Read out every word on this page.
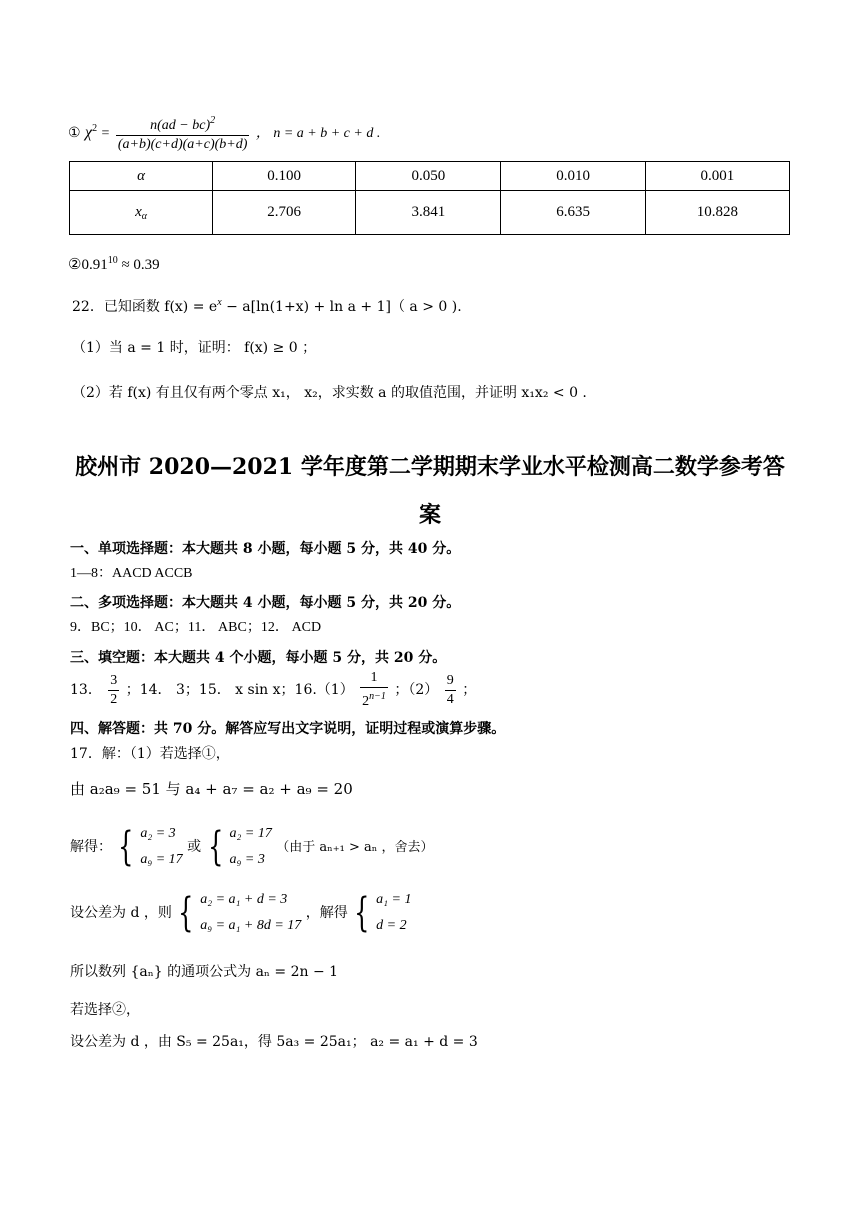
① $\chi^2 = \frac{n(ad - bc)^2}{(a+b)(c+d)(a+c)(b+d)}$ ， n = a + b + c + d .
α	0.100	0.050	0.010	0.001
$x_\alpha$	2.706	3.841	6.635	10.828
$②0.91^{10} \approx 0.39$
22．已知函数 $f(x) = e^x - a[\ln(1+x) + \ln a + 1]$（ a > 0 ).
（1）当 a = 1 时，证明： f(x) ≥ 0 ；
（2）若 f(x) 有且仅有两个零点 x₁， x₂，求实数 a 的取值范围，并证明 x₁x₂ < 0 .
胶州市 2020—2021 学年度第二学期期末学业水平检测高二数学参考答
案
一、单项选择题：本大题共 8 小题，每小题 5 分，共 40 分。
1—8：AACD ACCB
二、多项选择题：本大题共 4 小题，每小题 5 分，共 20 分。
9．BC；10． AC；11． ABC；12． ACD
三、填空题：本大题共 4 个小题，每小题 5 分，共 20 分。
13． $\frac{3}{2}$ ；14． 3；15． x sin x；$16.(1) \frac{1}{2^{n-1}}$ ；$(2) \frac{9}{4}$ ；
四、解答题：共 70 分。解答应写出文字说明，证明过程或演算步骤。
17．解：（1）若选择①，
由 a₂a₉ = 51 与 a₄ + a₇ = a₂ + a₉ = 20
解得： { a₂ = 3
a₉ = 17 或 { a₂ = 17
a₉ = 3 （由于 aₙ₊₁ > aₙ ，舍去）
设公差为 d ，则 { a₂ = a₁ + d = 3
a₉ = a₁ + 8d = 17 ，解得 { a₁ = 1
d = 2
所以数列 {aₙ} 的通项公式为 aₙ = 2n − 1
若选择②，
设公差为 d ，由 S₅ = 25a₁，得 5a₃ = 25a₁； a₂ = a₁ + d = 3
